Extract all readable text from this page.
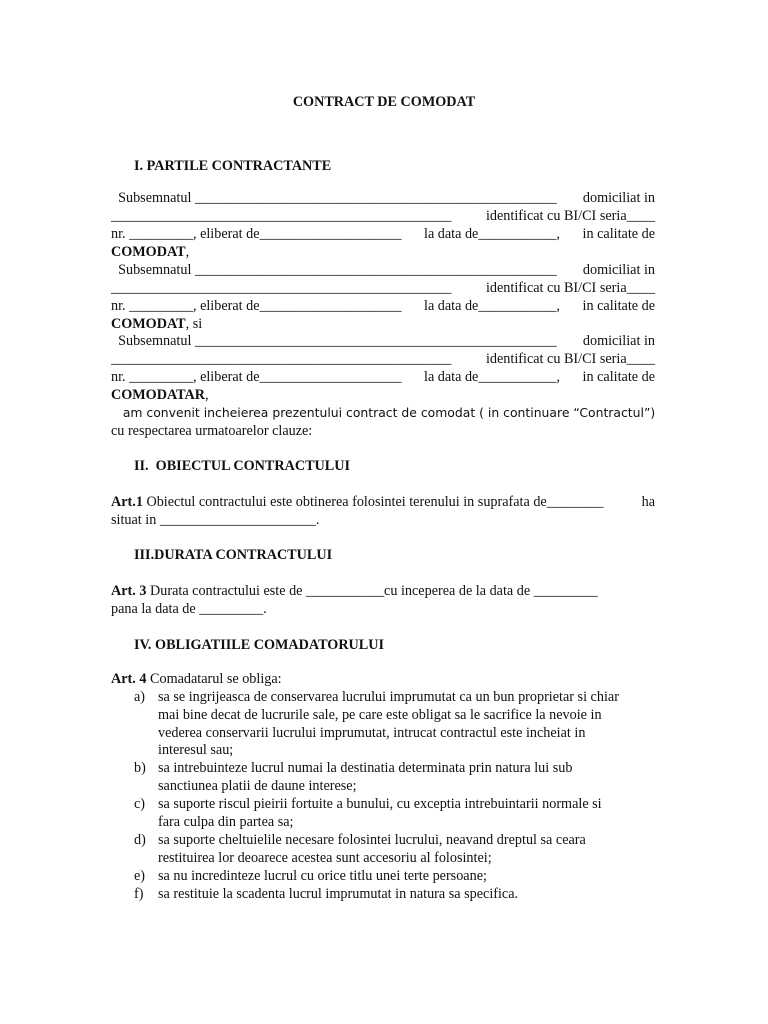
CONTRACT DE COMODAT
I. PARTILE CONTRACTANTE
Subsemnatul ___________________________________________________ domiciliat in
________________________________________________ identificat cu BI/CI seria____
nr. _________, eliberat de____________________ la data de___________, in calitate de
COMODAT,
Subsemnatul ___________________________________________________ domiciliat in
________________________________________________ identificat cu BI/CI seria____
nr. _________, eliberat de____________________ la data de___________, in calitate de
COMODAT, si
Subsemnatul ___________________________________________________ domiciliat in
________________________________________________ identificat cu BI/CI seria____
nr. _________, eliberat de____________________ la data de___________, in calitate de
COMODATAR,
am convenit incheierea prezentului contract de comodat ( in continuare “Contractul”)
cu respectarea urmatoarelor clauze:
II.  OBIECTUL CONTRACTULUI
Art.1 Obiectul contractului este obtinerea folosintei terenului in suprafata de________	ha
situat in ______________________.
III.DURATA CONTRACTULUI
Art. 3 Durata contractului este de ___________cu inceperea de la data de _________
pana la data de _________.
IV. OBLIGATIILE COMADATORULUI
Art. 4 Comadatarul se obliga:
a) sa se ingrijeasca de conservarea lucrului imprumutat ca un bun proprietar si chiar
mai bine decat de lucrurile sale, pe care este obligat sa le sacrifice la nevoie in
vederea conservarii lucrului imprumutat, intrucat contractul este incheiat in
interesul sau;
b) sa intrebuinteze lucrul numai la destinatia determinata prin natura lui sub
sanctiunea platii de daune interese;
c) sa suporte riscul pieirii fortuite a bunului, cu exceptia intrebuintarii normale si
fara culpa din partea sa;
d) sa suporte cheltuielile necesare folosintei lucrului, neavand dreptul sa ceara
restituirea lor deoarece acestea sunt accesoriu al folosintei;
e) sa nu incredinteze lucrul cu orice titlu unei terte persoane;
f)	sa restituie la scadenta lucrul imprumutat in natura sa specifica.
